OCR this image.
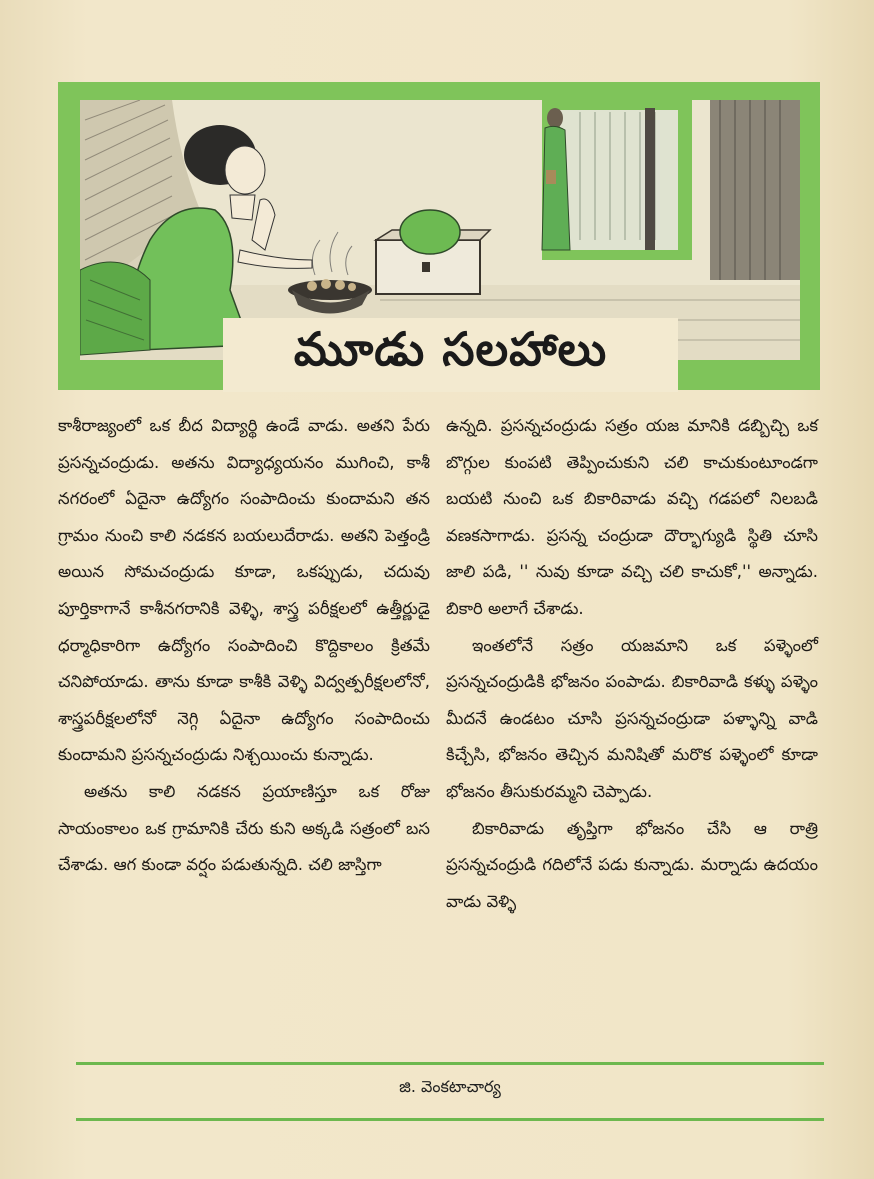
మూడు సలహాలు

కాశీరాజ్యంలో ఒక బీద విద్యార్థి ఉండే వాడు. అతని పేరు ప్రసన్నచంద్రుడు. అతను విద్యాధ్యయనం ముగించి, కాశీ నగరంలో ఏదైనా ఉద్యోగం సంపాదించు కుందామని తన గ్రామం నుంచి కాలి నడకన బయలుదేరాడు. అతని పెత్తండ్రి అయిన సోమచంద్రుడు కూడా, ఒకప్పుడు, చదువు పూర్తికాగానే కాశీనగరానికి వెళ్ళి, శాస్త్ర పరీక్షలలో ఉత్తీర్ణుడై ధర్మాధికారిగా ఉద్యోగం సంపాదించి కొద్దికాలం క్రితమే చనిపోయాడు. తాను కూడా కాశీకి వెళ్ళి విద్వత్పరీక్షలలోనో, శాస్త్రపరీక్షలలోనో నెగ్గి ఏదైనా ఉద్యోగం సంపాదించు కుందామని ప్రసన్నచంద్రుడు నిశ్చయించు కున్నాడు.

అతను కాలి నడకన ప్రయాణిస్తూ ఒక రోజు సాయంకాలం ఒక గ్రామానికి చేరు కుని అక్కడి సత్రంలో బస చేశాడు. ఆగ కుండా వర్షం పడుతున్నది. చలి జాస్తిగా

ఉన్నది. ప్రసన్నచంద్రుడు సత్రం యజ మానికి డబ్బిచ్చి ఒక బొగ్గుల కుంపటి తెప్పించుకుని చలి కాచుకుంటూండగా బయటి నుంచి ఒక బికారివాడు వచ్చి గడపలో నిలబడి వణకసాగాడు. ప్రసన్న చంద్రుడా దౌర్భాగ్యుడి స్థితి చూసి జాలి పడి, '' నువు కూడా వచ్చి చలి కాచుకో,'' అన్నాడు. బికారి అలాగే చేశాడు.

ఇంతలోనే సత్రం యజమాని ఒక పళ్ళెంలో ప్రసన్నచంద్రుడికి భోజనం పంపాడు. బికారివాడి కళ్ళు పళ్ళెం మీదనే ఉండటం చూసి ప్రసన్నచంద్రుడా పళ్ళాన్ని వాడి కిచ్చేసి, భోజనం తెచ్చిన మనిషితో మరొక పళ్ళెంలో కూడా భోజనం తీసుకురమ్మని చెప్పాడు.

బికారివాడు తృప్తిగా భోజనం చేసి ఆ రాత్రి ప్రసన్నచంద్రుడి గదిలోనే పడు కున్నాడు. మర్నాడు ఉదయం వాడు వెళ్ళి

జి. వెంకటాచార్య
